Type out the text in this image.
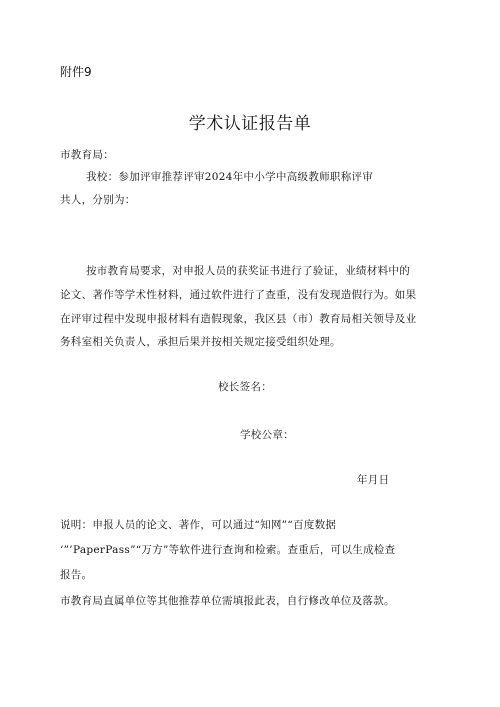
附件9
学术认证报告单
市教育局：
我校：参加评审推荐评审2024年中小学中高级教师职称评审
共人，分别为：
按市教育局要求，对申报人员的获奖证书进行了验证，业绩材料中的
论文、著作等学术性材料，通过软件进行了查重，没有发现造假行为。如果
在评审过程中发现申报材料有造假现象，我区县（市）教育局相关领导及业
务科室相关负责人，承担后果并按相关规定接受组织处理。
校长签名：
学校公章：
年月日
说明：申报人员的论文、著作，可以通过“知网”“百度数据
‘”’PaperPass”“万方”等软件进行查询和检索。查重后，可以生成检查
报告。
市教育局直属单位等其他推荐单位需填报此表，自行修改单位及落款。
